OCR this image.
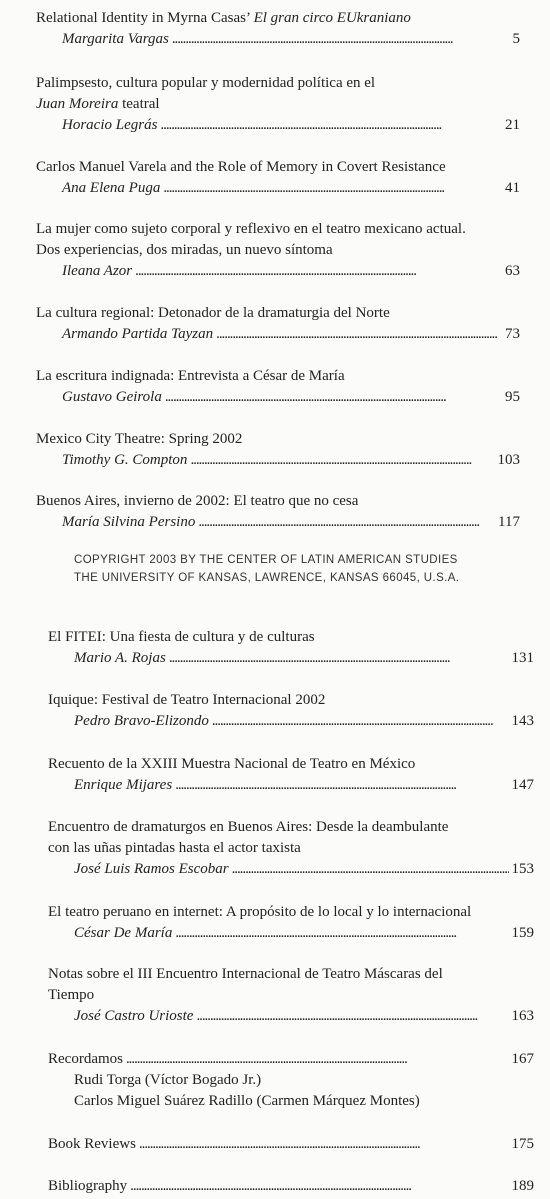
Relational Identity in Myrna Casas’ El gran circo EUkraniano
Margarita Vargas . . .	5
Palimpsesto, cultura popular y modernidad política en el
Juan Moreira teatral
Horacio Legrás . . .	21
Carlos Manuel Varela and the Role of Memory in Covert Resistance
Ana Elena Puga . . .	41
La mujer como sujeto corporal y reflexivo en el teatro mexicano actual.
Dos experiencias, dos miradas, un nuevo síntoma
Ileana Azor . . .	63
La cultura regional: Detonador de la dramaturgia del Norte
Armando Partida Tayzan . . .	73
La escritura indignada: Entrevista a César de María
Gustavo Geirola . . .	95
Mexico City Theatre: Spring 2002
Timothy G. Compton . . .	103
Buenos Aires, invierno de 2002: El teatro que no cesa
María Silvina Persino . . .	117
COPYRIGHT 2003 BY THE CENTER OF LATIN AMERICAN STUDIES
THE UNIVERSITY OF KANSAS, LAWRENCE, KANSAS 66045, U.S.A.
El FITEI: Una fiesta de cultura y de culturas
Mario A. Rojas . . .	131
Iquique: Festival de Teatro Internacional 2002
Pedro Bravo-Elizondo . . .	143
Recuento de la XXIII Muestra Nacional de Teatro en México
Enrique Mijares . . .	147
Encuentro de dramaturgos en Buenos Aires: Desde la deambulante
con las uñas pintadas hasta el actor taxista
José Luis Ramos Escobar . . .	153
El teatro peruano en internet: A propósito de lo local y lo internacional
César De María . . .	159
Notas sobre el III Encuentro Internacional de Teatro Máscaras del
Tiempo
José Castro Urioste . . .	163
Recordamos . . .	167
Rudi Torga (Víctor Bogado Jr.)
Carlos Miguel Suárez Radillo (Carmen Márquez Montes)
Book Reviews . . .	175
Bibliography . . .	189
